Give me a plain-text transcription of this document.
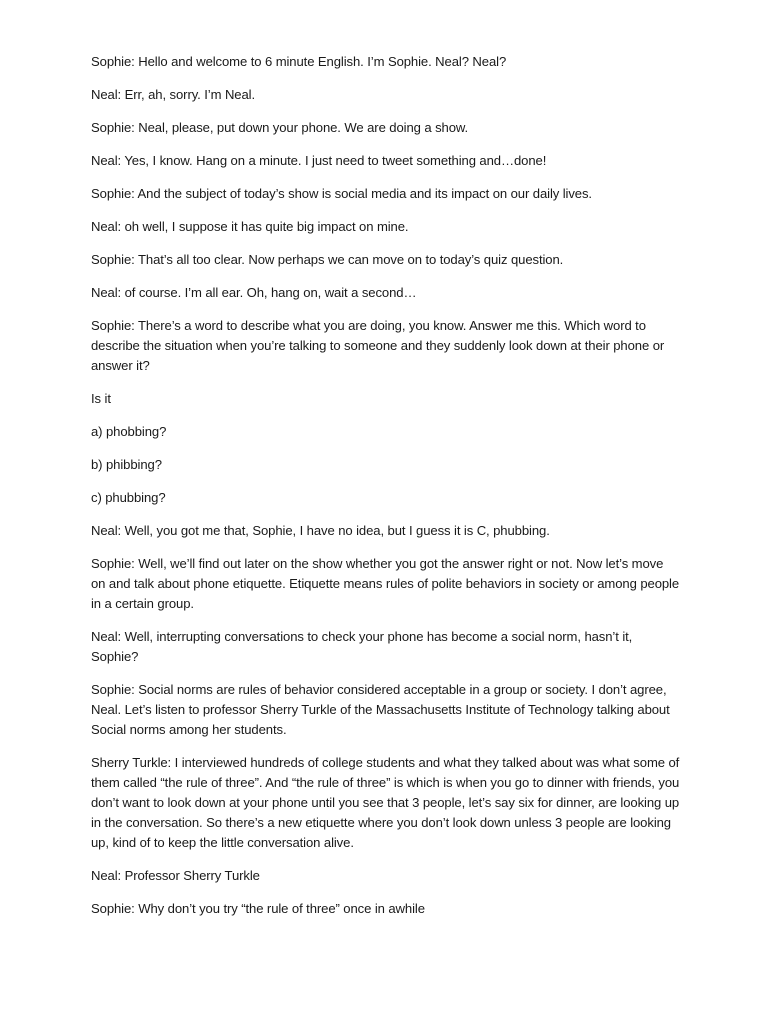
Sophie: Hello and welcome to 6 minute English. I’m Sophie. Neal? Neal?

Neal: Err, ah, sorry. I’m Neal.

Sophie: Neal, please, put down your phone. We are doing a show.

Neal: Yes, I know. Hang on a minute. I just need to tweet something and…done!

Sophie: And the subject of today’s show is social media and its impact on our daily lives.

Neal: oh well, I suppose it has quite big impact on mine.

Sophie: That’s all too clear. Now perhaps we can move on to today’s quiz question.

Neal: of course. I’m all ear. Oh, hang on, wait a second…

Sophie: There’s a word to describe what you are doing, you know. Answer me this. Which word to describe the situation when you’re talking to someone and they suddenly look down at their phone or answer it?

Is it

a) phobbing?

b) phibbing?

c) phubbing?

Neal: Well, you got me that, Sophie, I have no idea, but I guess it is C, phubbing.

Sophie: Well, we’ll find out later on the show whether you got the answer right or not. Now let’s move on and talk about phone etiquette. Etiquette means rules of polite behaviors in society or among people in a certain group.

Neal: Well, interrupting conversations to check your phone has become a social norm, hasn’t it, Sophie?

Sophie: Social norms are rules of behavior considered acceptable in a group or society. I don’t agree, Neal. Let’s listen to professor Sherry Turkle of the Massachusetts Institute of Technology talking about Social norms among her students.

Sherry Turkle: I interviewed hundreds of college students and what they talked about was what some of them called “the rule of three”. And “the rule of three” is which is when you go to dinner with friends, you don’t want to look down at your phone until you see that 3 people, let’s say six for dinner, are looking up in the conversation. So there’s a new etiquette where you don’t look down unless 3 people are looking up, kind of to keep the little conversation alive.

Neal: Professor Sherry Turkle

Sophie: Why don’t you try “the rule of three” once in awhile
